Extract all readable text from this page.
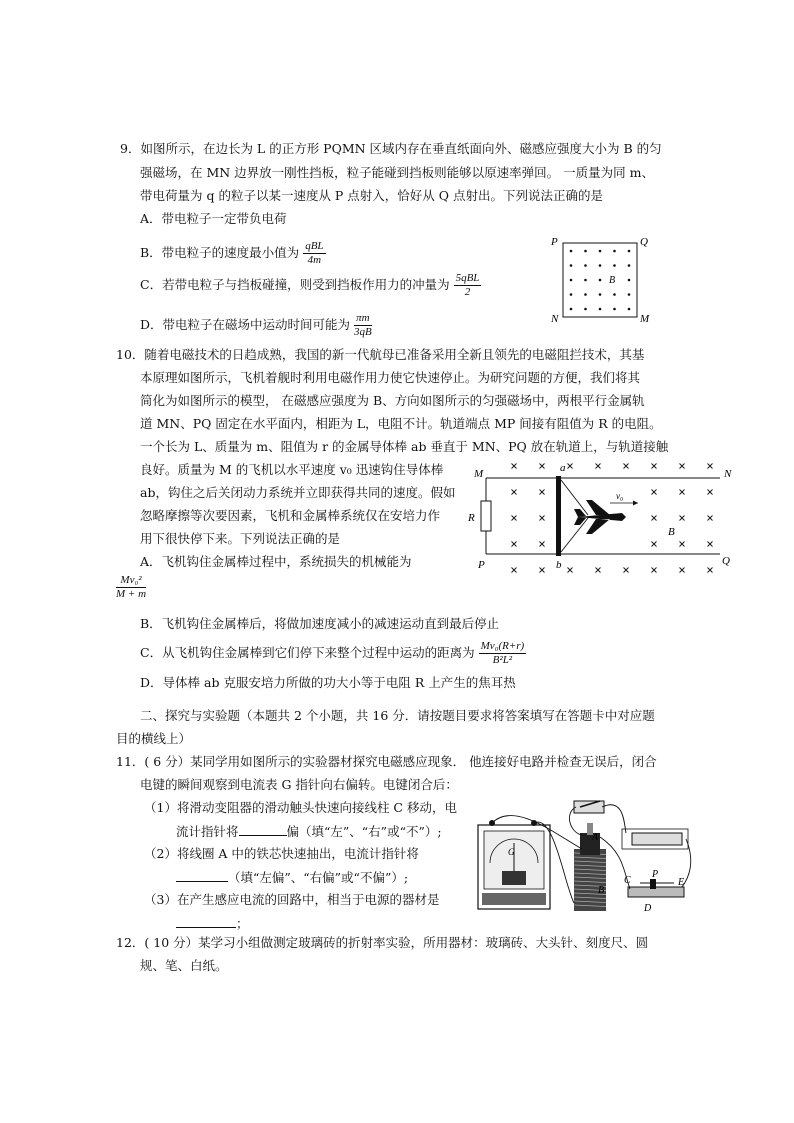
9．如图所示，在边长为 L 的正方形 PQMN 区域内存在垂直纸面向外、磁感应强度大小为 B 的匀
强磁场，在 MN 边界放一刚性挡板，粒子能碰到挡板则能够以原速率弹回。 一质量为同 m、
带电荷量为 q 的粒子以某一速度从 P 点射入，恰好从 Q 点射出。下列说法正确的是
A．带电粒子一定带负电荷
B．带电粒子的速度最小值为 $\frac{\text{qBL}}{4m}$
C．若带电粒子与挡板碰撞，则受到挡板作用力的冲量为 $\frac{\text{5qBL}}{2}$
D．带电粒子在磁场中运动时间可能为 $\frac{\pi m}{3qB}$
P	Q
N	M
B
10．随着电磁技术的日趋成熟，我国的新一代航母已准备采用全新且领先的电磁阻拦技术，其基
本原理如图所示，飞机着舰时利用电磁作用力使它快速停止。为研究问题的方便，我们将其
简化为如图所示的模型， 在磁感应强度为 B、方向如图所示的匀强磁场中，两根平行金属轨
道 MN、PQ 固定在水平面内，相距为 L，电阻不计。轨道端点 MP 间接有阻值为 R 的电阻。
一个长为 L、质量为 m、阻值为 r 的金属导体棒 ab 垂直于 MN、PQ 放在轨道上，与轨道接触
良好。质量为 M 的飞机以水平速度 v₀ 迅速钩住导体棒
ab，钩住之后关闭动力系统并立即获得共同的速度。假如
忽略摩擦等次要因素，飞机和金属棒系统仅在安培力作
用下很快停下来。下列说法正确的是
A．飞机钩住金属棒过程中，系统损失的机械能为
$\frac{\text{Mv₀²}}{M + m}$
B．飞机钩住金属棒后，将做加速度减小的减速运动直到最后停止
C．从飞机钩住金属棒到它们停下来整个过程中运动的距离为 $\frac{\text{Mv₀(R+r)}}{\text{B²L²}}$
D．导体棒 ab 克服安培力所做的功大小等于电阻 R 上产生的焦耳热
v₀
M	N
P	Q
a
b
R
B
二、探究与实验题（本题共 2 个小题，共 16 分．请按题目要求将答案填写在答题卡中对应题
目的横线上）
11．( 6 分）某同学用如图所示的实验器材探究电磁感应现象． 他连接好电路并检查无误后，闭合
电键的瞬间观察到电流表 G 指针向右偏转。电键闭合后：
（1）将滑动变阻器的滑动触头快速向接线柱 C 移动，电
流计指针将	偏（填“左”、“右”或“不”）;
（2）将线圈 A 中的铁芯快速抽出，电流计指针将
（填“左偏”、“右偏”或“不偏”）;
（3）在产生感应电流的回路中，相当于电源的器材是
；
G
A
B
C
P
E
D
12．( 10 分）某学习小组做测定玻璃砖的折射率实验，所用器材：玻璃砖、大头针、刻度尺、圆
规、笔、白纸。
